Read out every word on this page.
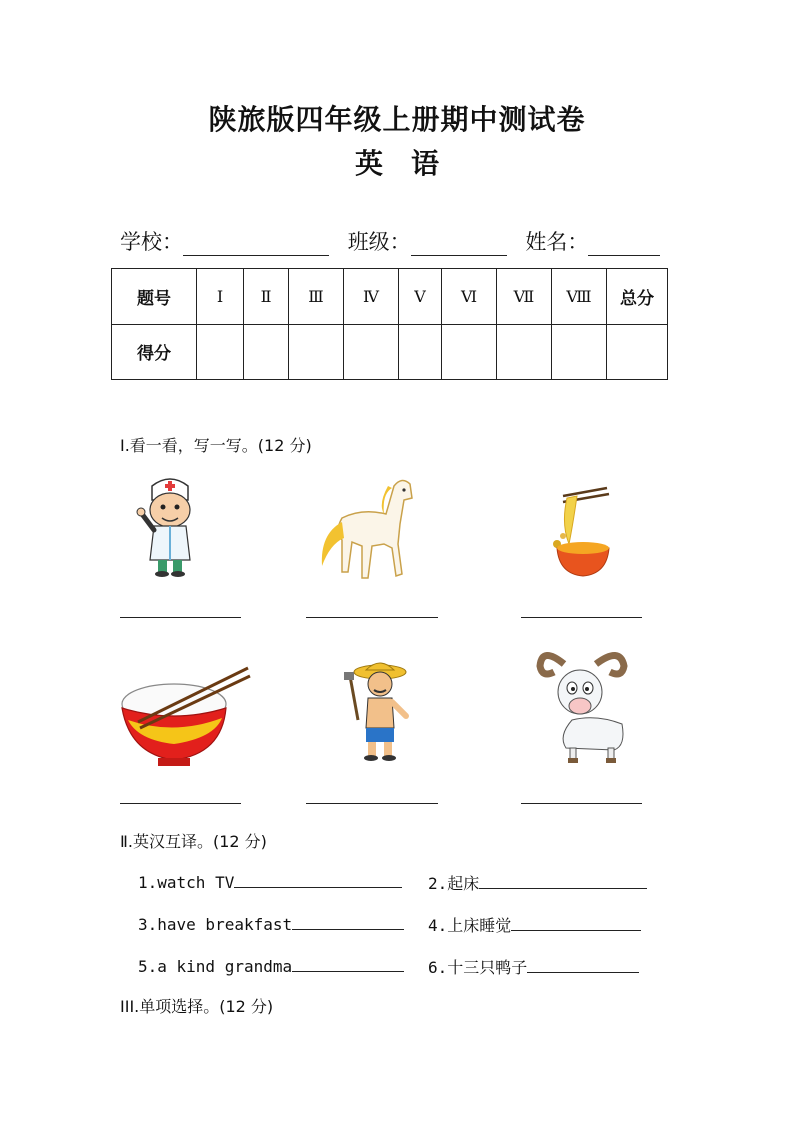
陕旅版四年级上册期中测试卷
英　语
学校：	班级：	姓名：
题号	Ⅰ	Ⅱ	Ⅲ	Ⅳ	Ⅴ	Ⅵ	Ⅶ	Ⅷ	总分
得分									
I.看一看，写一写。(12 分)
Ⅱ.英汉互译。(12 分)
1.watch TV	2.起床
3.have breakfast	4.上床睡觉
5.a kind grandma	6.十三只鸭子
III.单项选择。(12 分)
